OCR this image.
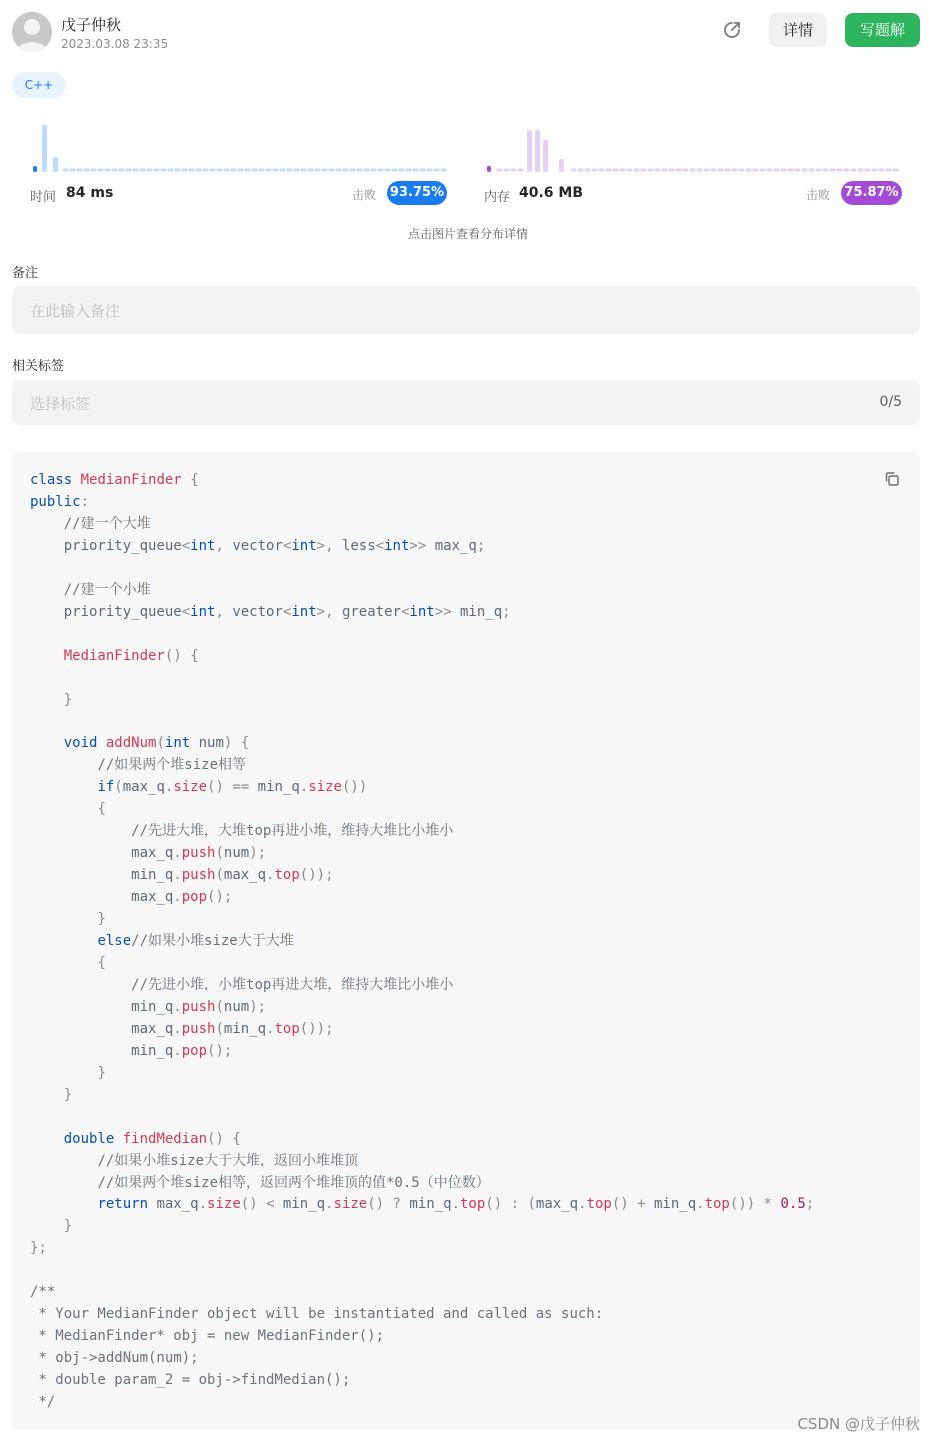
戊子仲秋
2023.03.08 23:35
详情	写题解
C++
时间 84 ms	击败 93.75%	内存 40.6 MB	击败 75.87%
点击图片查看分布详情
备注
在此输入备注
相关标签
选择标签	0/5
class MedianFinder {
public:
//建一个大堆
priority_queue<int, vector<int>, less<int>> max_q;

//建一个小堆
priority_queue<int, vector<int>, greater<int>> min_q;

MedianFinder() {

}

void addNum(int num) {
//如果两个堆size相等
if(max_q.size() == min_q.size())
{
//先进大堆，大堆top再进小堆，维持大堆比小堆小
max_q.push(num);
min_q.push(max_q.top());
max_q.pop();
}
else//如果小堆size大于大堆
{
//先进小堆，小堆top再进大堆，维持大堆比小堆小
min_q.push(num);
max_q.push(min_q.top());
min_q.pop();
}
}

double findMedian() {
//如果小堆size大于大堆，返回小堆堆顶
//如果两个堆size相等，返回两个堆堆顶的值*0.5（中位数）
return max_q.size() < min_q.size() ? min_q.top() : (max_q.top() + min_q.top()) * 0.5;
}
};

/**
* Your MedianFinder object will be instantiated and called as such:
* MedianFinder* obj = new MedianFinder();
* obj->addNum(num);
* double param_2 = obj->findMedian();
*/
CSDN @戊子仲秋
